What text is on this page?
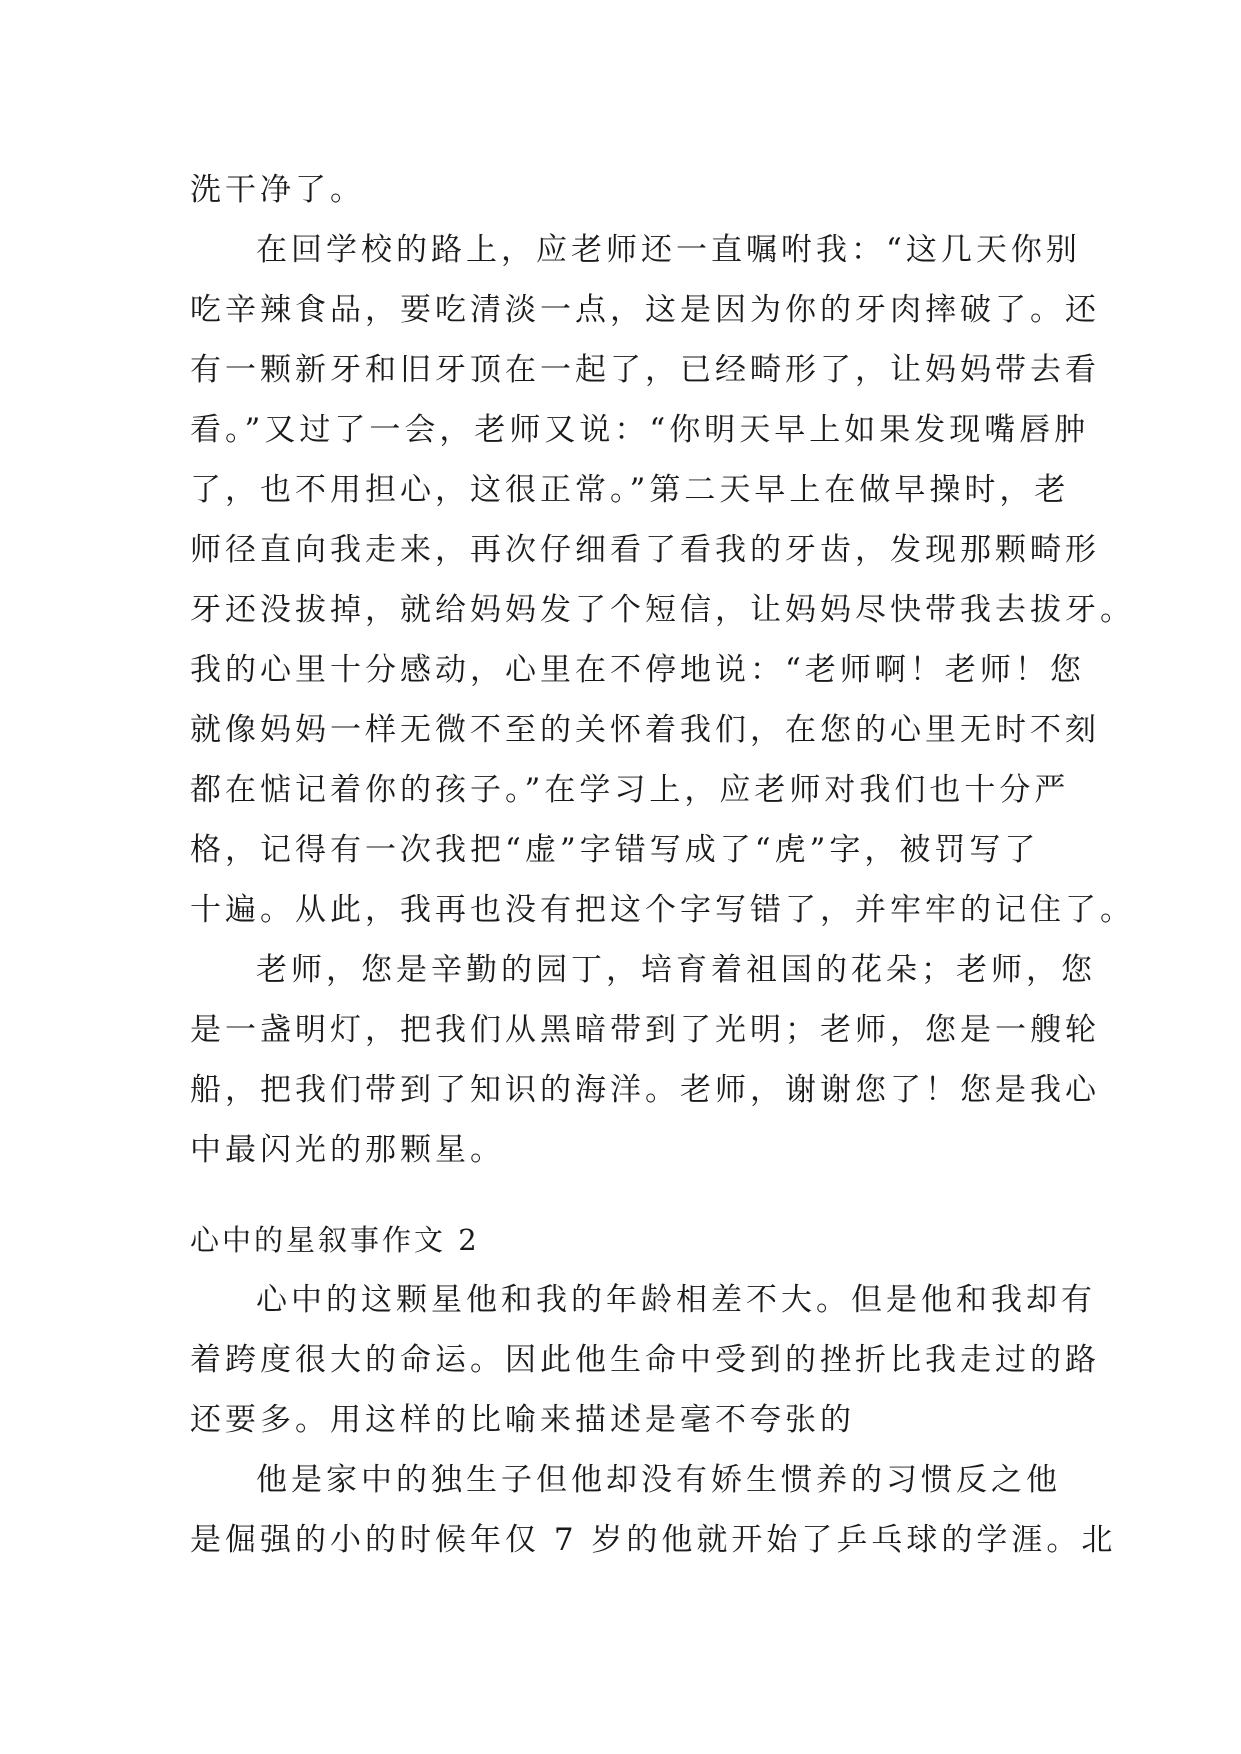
洗干净了。
在回学校的路上，应老师还一直嘱咐我：“这几天你别
吃辛辣食品，要吃清淡一点，这是因为你的牙肉摔破了。还
有一颗新牙和旧牙顶在一起了，已经畸形了，让妈妈带去看
看。”又过了一会，老师又说：“你明天早上如果发现嘴唇肿
了，也不用担心，这很正常。”第二天早上在做早操时，老
师径直向我走来，再次仔细看了看我的牙齿，发现那颗畸形
牙还没拔掉，就给妈妈发了个短信，让妈妈尽快带我去拔牙。
我的心里十分感动，心里在不停地说：“老师啊！老师！您
就像妈妈一样无微不至的关怀着我们，在您的心里无时不刻
都在惦记着你的孩子。”在学习上，应老师对我们也十分严
格，记得有一次我把“虚”字错写成了“虎”字，被罚写了
十遍。从此，我再也没有把这个字写错了，并牢牢的记住了。
老师，您是辛勤的园丁，培育着祖国的花朵；老师，您
是一盏明灯，把我们从黑暗带到了光明；老师，您是一艘轮
船，把我们带到了知识的海洋。老师，谢谢您了！您是我心
中最闪光的那颗星。
心中的星叙事作文 2
心中的这颗星他和我的年龄相差不大。但是他和我却有
着跨度很大的命运。因此他生命中受到的挫折比我走过的路
还要多。用这样的比喻来描述是毫不夸张的
他是家中的独生子但他却没有娇生惯养的习惯反之他
是倔强的小的时候年仅 7 岁的他就开始了乒乓球的学涯。北
